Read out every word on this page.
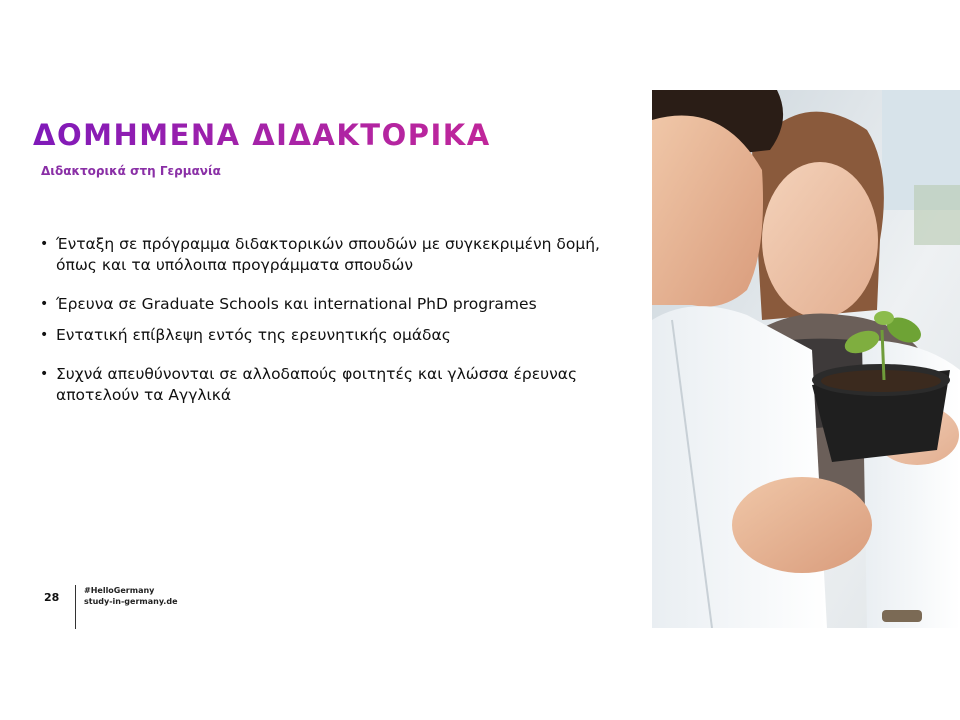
ΔΟΜΗΜΕΝΑ ΔΙΔΑΚΤΟΡΙΚΑ
Διδακτορικά στη Γερμανία
• Ένταξη σε πρόγραμμα διδακτορικών σπουδών με συγκεκριμένη δομή, όπως και τα υπόλοιπα προγράμματα σπουδών
• Έρευνα σε Graduate Schools και international PhD programes
• Εντατική επίβλεψη εντός της ερευνητικής ομάδας
• Συχνά απευθύνονται σε αλλοδαπούς φοιτητές και γλώσσα έρευνας αποτελούν τα Αγγλικά
28
#HelloGermany
study-in-germany.de
